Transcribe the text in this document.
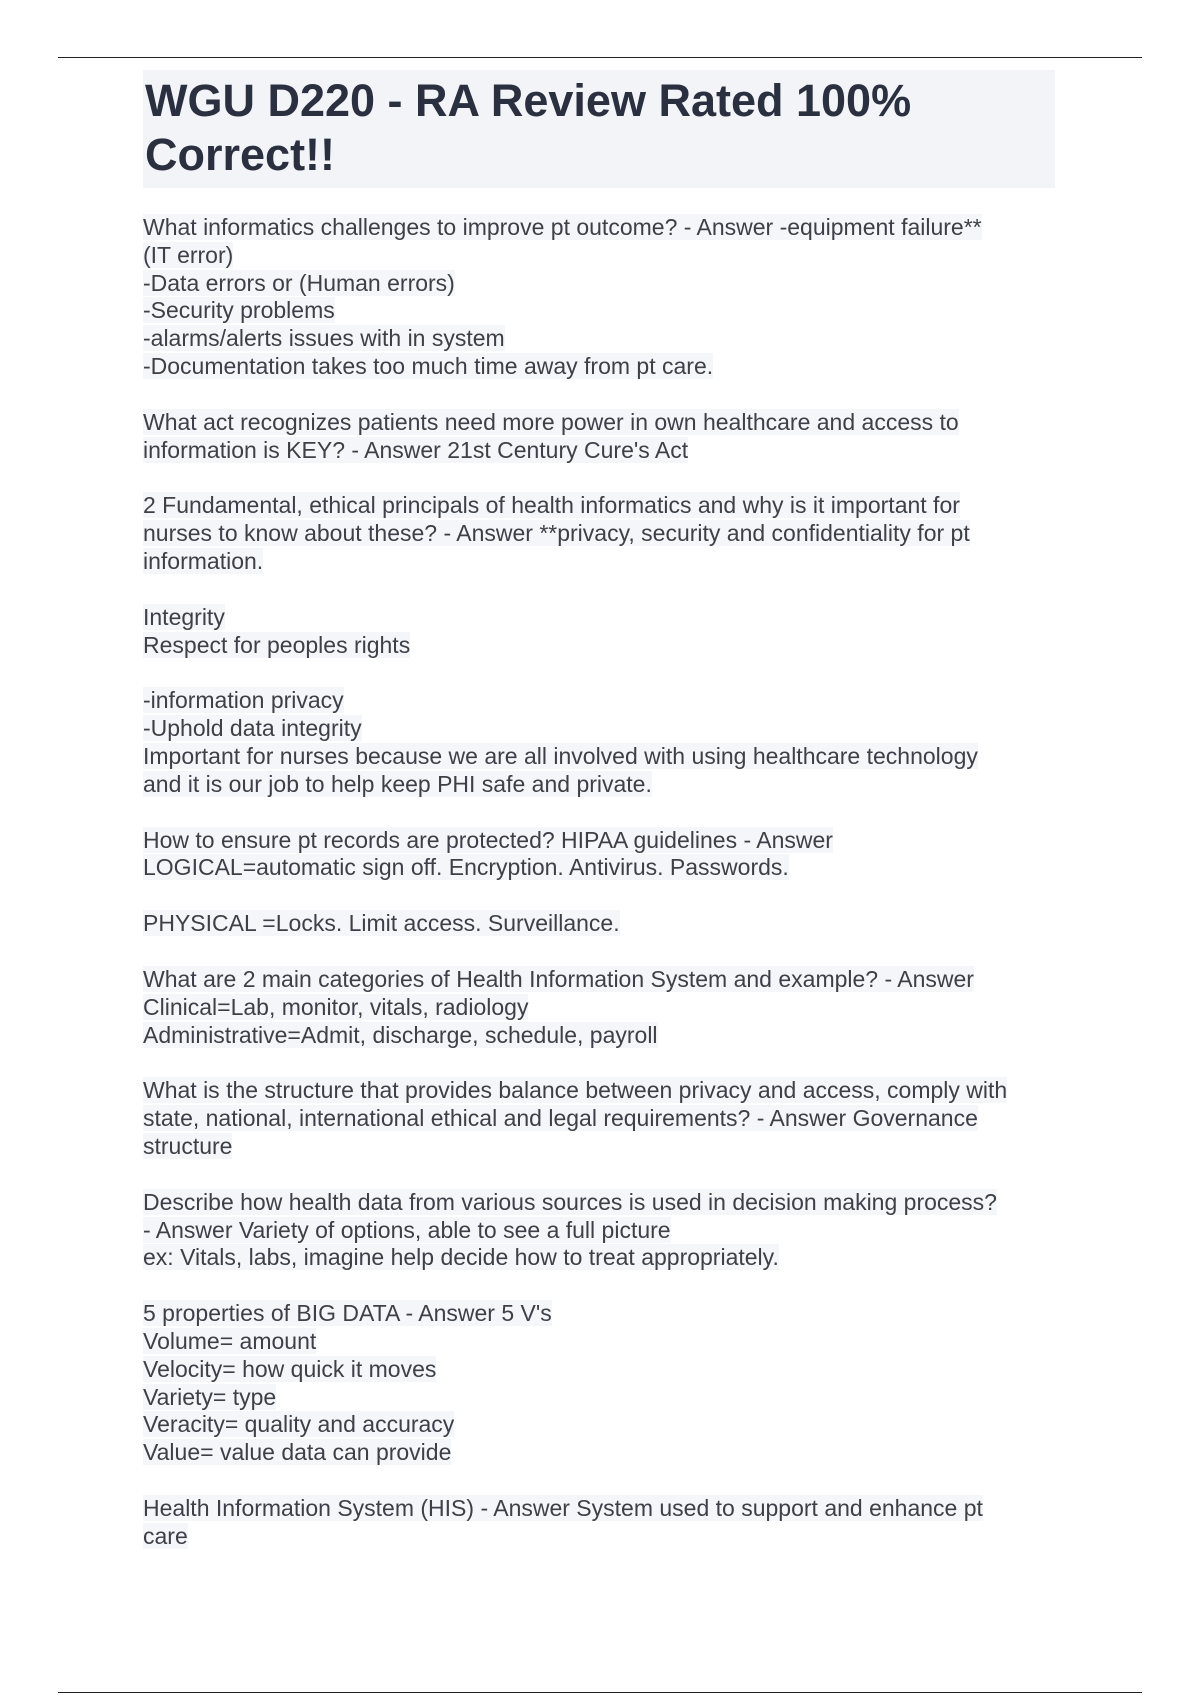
WGU D220 - RA Review Rated 100%
Correct!!
What informatics challenges to improve pt outcome? - Answer -equipment failure**
(IT error)
-Data errors or (Human errors)
-Security problems
-alarms/alerts issues with in system
-Documentation takes too much time away from pt care.
What act recognizes patients need more power in own healthcare and access to
information is KEY? - Answer 21st Century Cure's Act
2 Fundamental, ethical principals of health informatics and why is it important for
nurses to know about these? - Answer **privacy, security and confidentiality for pt
information.
Integrity
Respect for peoples rights
-information privacy
-Uphold data integrity
Important for nurses because we are all involved with using healthcare technology
and it is our job to help keep PHI safe and private.
How to ensure pt records are protected? HIPAA guidelines - Answer
LOGICAL=automatic sign off. Encryption. Antivirus. Passwords.
PHYSICAL =Locks. Limit access. Surveillance.
What are 2 main categories of Health Information System and example? - Answer
Clinical=Lab, monitor, vitals, radiology
Administrative=Admit, discharge, schedule, payroll
What is the structure that provides balance between privacy and access, comply with
state, national, international ethical and legal requirements? - Answer Governance
structure
Describe how health data from various sources is used in decision making process?
- Answer Variety of options, able to see a full picture
ex: Vitals, labs, imagine help decide how to treat appropriately.
5 properties of BIG DATA - Answer 5 V's
Volume= amount
Velocity= how quick it moves
Variety= type
Veracity= quality and accuracy
Value= value data can provide
Health Information System (HIS) - Answer System used to support and enhance pt
care
